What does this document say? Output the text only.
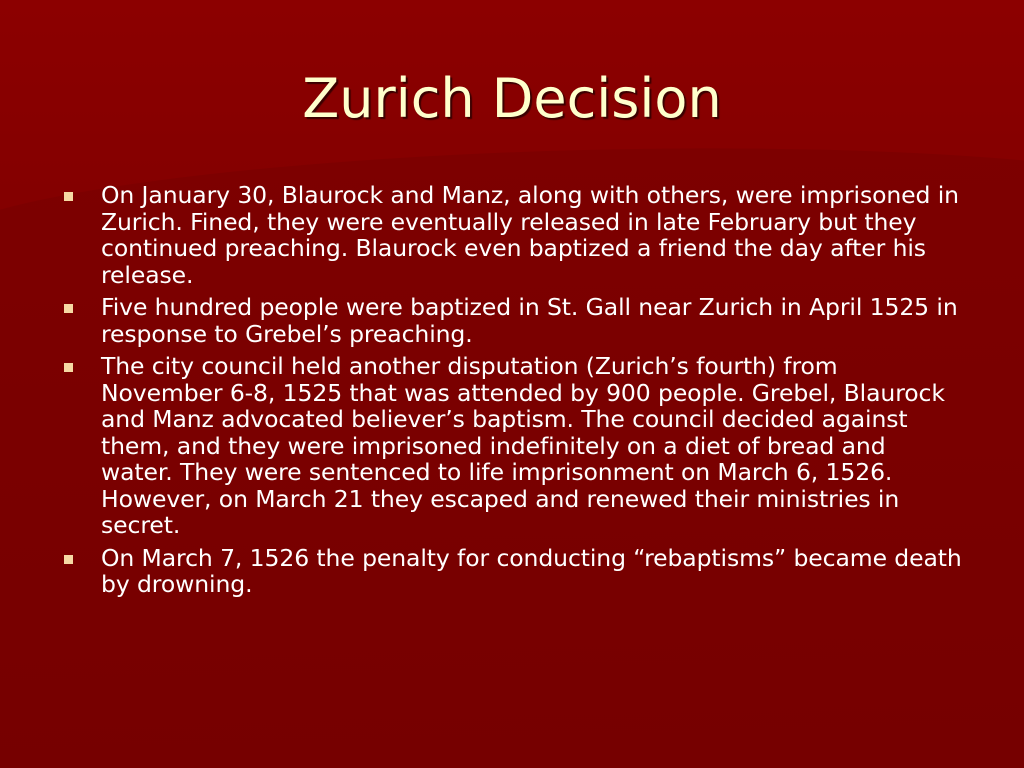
Zurich Decision
On January 30, Blaurock and Manz, along with others, were imprisoned in Zurich. Fined, they were eventually released in late February but they continued preaching. Blaurock even baptized a friend the day after his release.
Five hundred people were baptized in St. Gall near Zurich in April 1525 in response to Grebel’s preaching.
The city council held another disputation (Zurich’s fourth) from November 6-8, 1525 that was attended by 900 people. Grebel, Blaurock and Manz advocated believer’s baptism. The council decided against them, and they were imprisoned indefinitely on a diet of bread and water. They were sentenced to life imprisonment on March 6, 1526. However, on March 21 they escaped and renewed their ministries in secret.
On March 7, 1526 the penalty for conducting “rebaptisms” became death by drowning.
